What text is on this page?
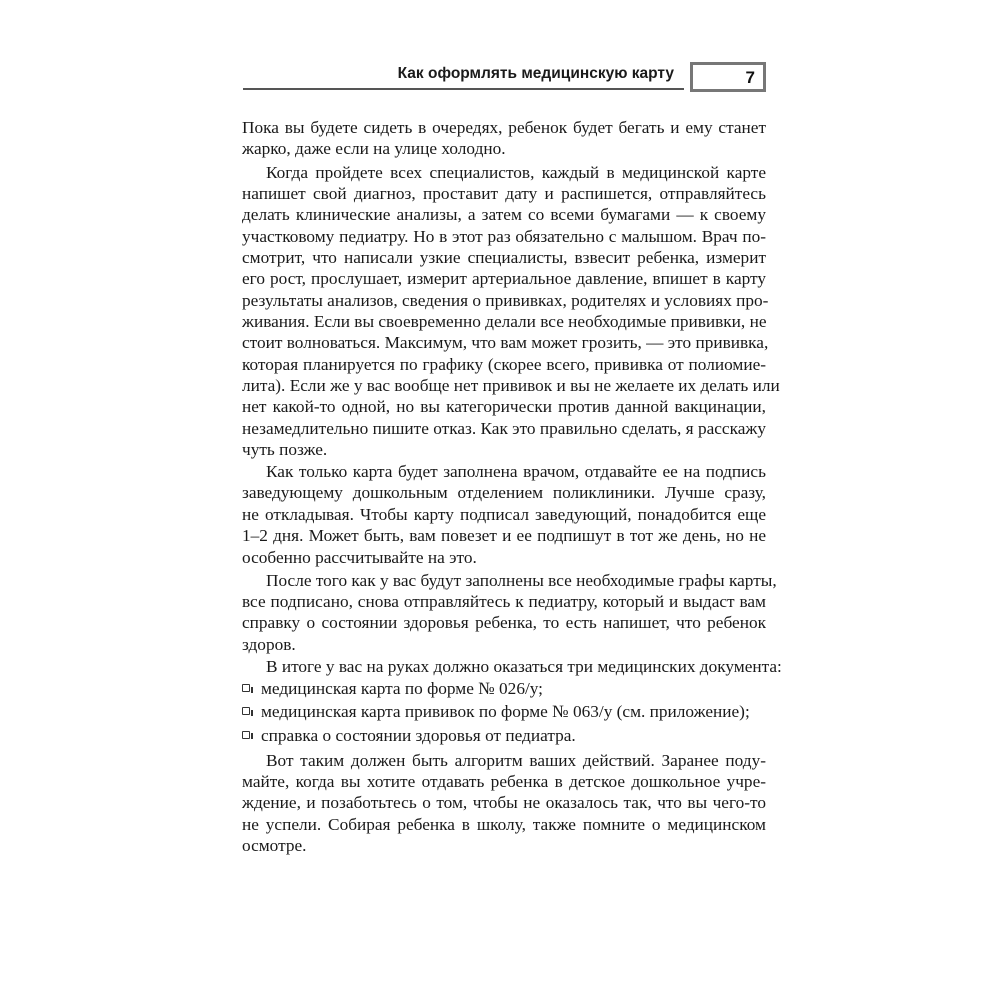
Как оформлять медицинскую карту	7
Пока вы будете сидеть в очередях, ребенок будет бегать и ему станет
жарко, даже если на улице холодно.
Когда пройдете всех специалистов, каждый в медицинской карте
напишет свой диагноз, проставит дату и распишется, отправляйтесь
делать клинические анализы, а затем со всеми бумагами — к своему
участковому педиатру. Но в этот раз обязательно с малышом. Врач по-
смотрит, что написали узкие специалисты, взвесит ребенка, измерит
его рост, прослушает, измерит артериальное давление, впишет в карту
результаты анализов, сведения о прививках, родителях и условиях про-
живания. Если вы своевременно делали все необходимые прививки, не
стоит волноваться. Максимум, что вам может грозить, — это прививка,
которая планируется по графику (скорее всего, прививка от полиомие-
лита). Если же у вас вообще нет прививок и вы не желаете их делать или
нет какой-то одной, но вы категорически против данной вакцинации,
незамедлительно пишите отказ. Как это правильно сделать, я расскажу
чуть позже.
Как только карта будет заполнена врачом, отдавайте ее на подпись
заведующему дошкольным отделением поликлиники. Лучше сразу,
не откладывая. Чтобы карту подписал заведующий, понадобится еще
1–2 дня. Может быть, вам повезет и ее подпишут в тот же день, но не
особенно рассчитывайте на это.
После того как у вас будут заполнены все необходимые графы карты,
все подписано, снова отправляйтесь к педиатру, который и выдаст вам
справку о состоянии здоровья ребенка, то есть напишет, что ребенок
здоров.
В итоге у вас на руках должно оказаться три медицинских документа:
медицинская карта по форме № 026/у;
медицинская карта прививок по форме № 063/у (см. приложение);
справка о состоянии здоровья от педиатра.
Вот таким должен быть алгоритм ваших действий. Заранее поду-
майте, когда вы хотите отдавать ребенка в детское дошкольное учре-
ждение, и позаботьтесь о том, чтобы не оказалось так, что вы чего-то
не успели. Собирая ребенка в школу, также помните о медицинском
осмотре.
